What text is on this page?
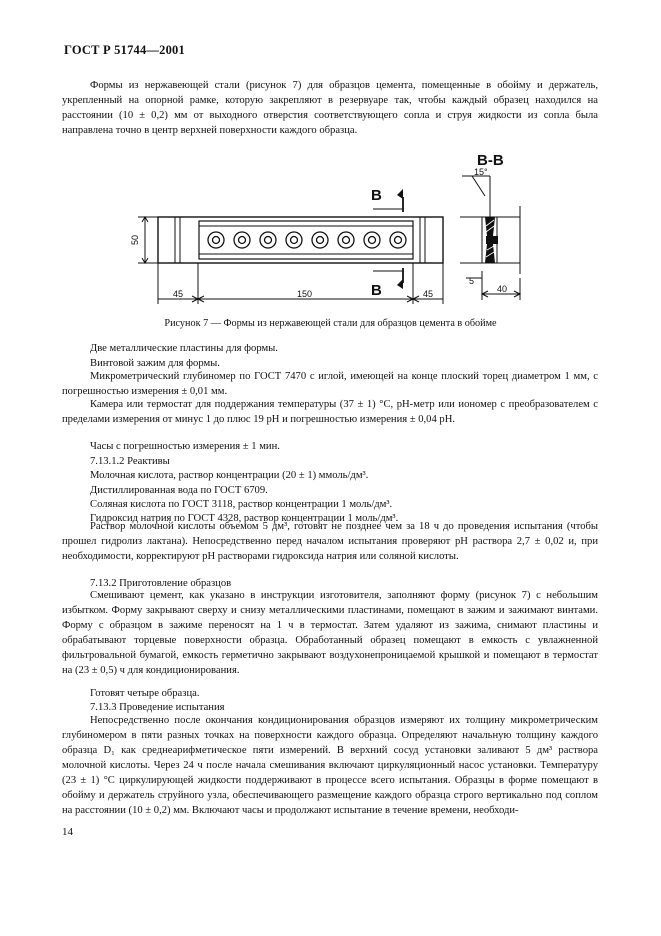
ГОСТ Р 51744—2001
Формы из нержавеющей стали (рисунок 7) для образцов цемента, помещенные в обойму и держатель, укрепленный на опорной рамке, которую закрепляют в резервуаре так, чтобы каждый образец находился на расстоянии (10 ± 0,2) мм от выходного отверстия соответствующего сопла и струя жидкости из сопла была направлена точно в центр верхней поверхности каждого образца.
В-В
В
В
15°
50
45	150	45
5
40
Рисунок 7 — Формы из нержавеющей стали для образцов цемента в обойме
Две металлические пластины для формы.
Винтовой зажим для формы.
Микрометрический глубиномер по ГОСТ 7470 с иглой, имеющей на конце плоский торец диаметром 1 мм, с погрешностью измерения ± 0,01 мм.
Камера или термостат для поддержания температуры (37 ± 1) °С, рН-метр или иономер с преобразователем с пределами измерения от минус 1 до плюс 19 рН и погрешностью измерения ± 0,04 рН.
Часы с погрешностью измерения ± 1 мин.
7.13.1.2 Реактивы
Молочная кислота, раствор концентрации (20 ± 1) ммоль/дм³.
Дистиллированная вода по ГОСТ 6709.
Соляная кислота по ГОСТ 3118, раствор концентрации 1 моль/дм³.
Гидроксид натрия по ГОСТ 4328, раствор концентрации 1 моль/дм³.
Раствор молочной кислоты объемом 5 дм³, готовят не позднее чем за 18 ч до проведения испытания (чтобы прошел гидролиз лактана). Непосредственно перед началом испытания проверяют рН раствора 2,7 ± 0,02 и, при необходимости, корректируют рН растворами гидроксида натрия или соляной кислоты.
7.13.2 Приготовление образцов
Смешивают цемент, как указано в инструкции изготовителя, заполняют форму (рисунок 7) с небольшим избытком. Форму закрывают сверху и снизу металлическими пластинами, помещают в зажим и зажимают винтами. Форму с образцом в зажиме переносят на 1 ч в термостат. Затем удаляют из зажима, снимают пластины и обрабатывают торцевые поверхности образца. Обработанный образец помещают в емкость с увлажненной фильтровальной бумагой, емкость герметично закрывают воздухонепроницаемой крышкой и помещают в термостат на (23 ± 0,5) ч для кондиционирования.
Готовят четыре образца.
7.13.3 Проведение испытания
Непосредственно после окончания кондиционирования образцов измеряют их толщину микрометрическим глубиномером в пяти разных точках на поверхности каждого образца. Определяют начальную толщину каждого образца D₁ как среднеарифметическое пяти измерений. В верхний сосуд установки заливают 5 дм³ раствора молочной кислоты. Через 24 ч после начала смешивания включают циркуляционный насос установки. Температуру (23 ± 1) °С циркулирующей жидкости поддерживают в процессе всего испытания. Образцы в форме помещают в обойму и держатель струйного узла, обеспечивающего размещение каждого образца строго вертикально под соплом на расстоянии (10 ± 0,2) мм. Включают часы и продолжают испытание в течение времени, необходи-
14
